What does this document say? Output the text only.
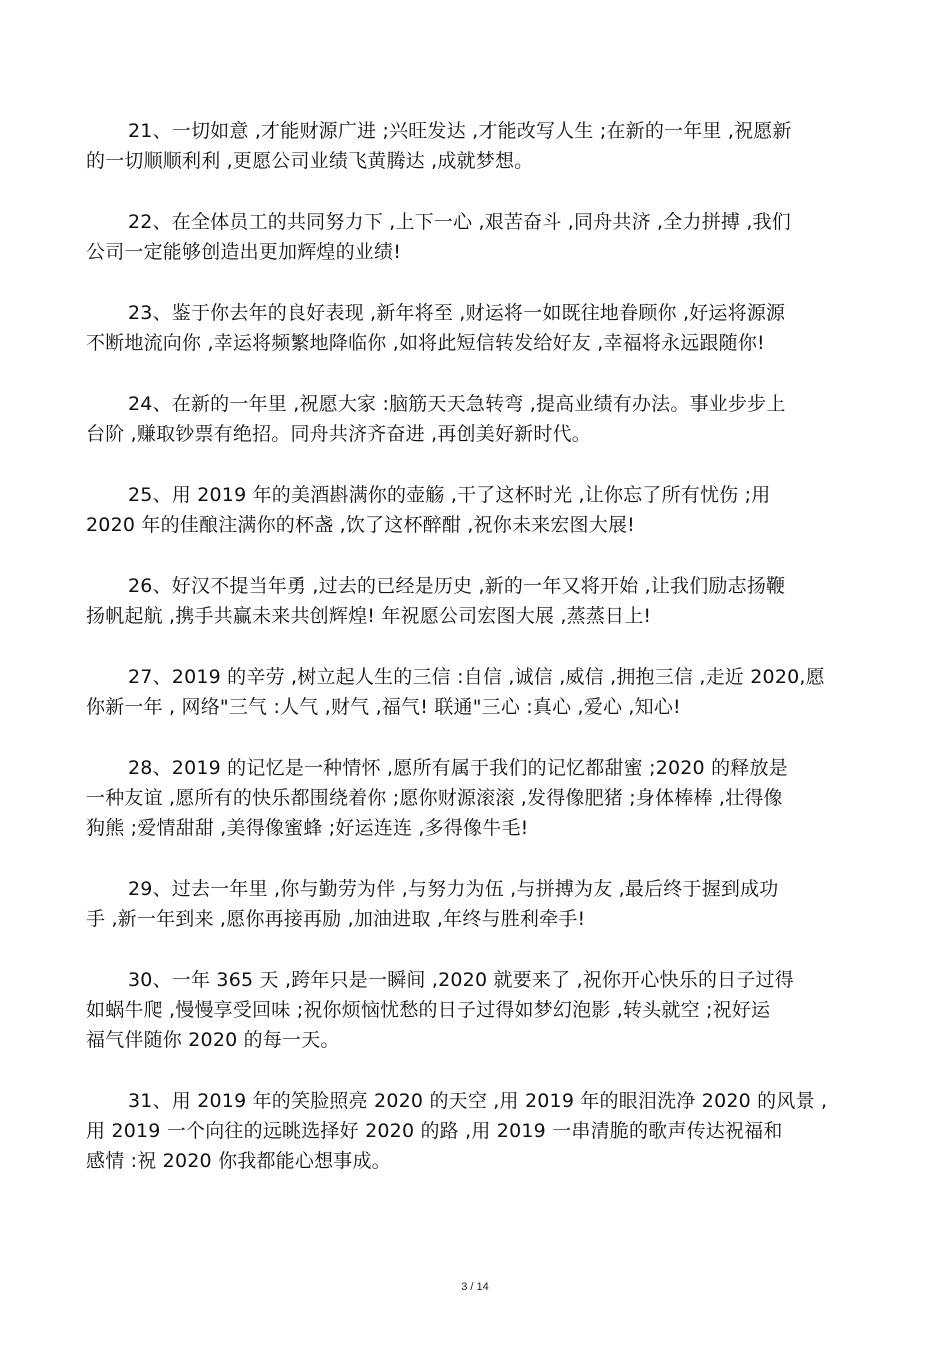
21、一切如意 ,才能财源广进 ;兴旺发达 ,才能改写人生 ;在新的一年里 ,祝愿新
的一切顺顺利利 ,更愿公司业绩飞黄腾达 ,成就梦想。
22、在全体员工的共同努力下 ,上下一心 ,艰苦奋斗 ,同舟共济 ,全力拼搏 ,我们
公司一定能够创造出更加辉煌的业绩!
23、鉴于你去年的良好表现 ,新年将至 ,财运将一如既往地眷顾你 ,好运将源源
不断地流向你 ,幸运将频繁地降临你 ,如将此短信转发给好友 ,幸福将永远跟随你!
24、在新的一年里 ,祝愿大家 :脑筋天天急转弯 ,提高业绩有办法。事业步步上
台阶 ,赚取钞票有绝招。同舟共济齐奋进 ,再创美好新时代。
25、用 2019 年的美酒斟满你的壶觞 ,干了这杯时光 ,让你忘了所有忧伤 ;用
2020 年的佳酿注满你的杯盏 ,饮了这杯醉酣 ,祝你未来宏图大展!
26、好汉不提当年勇 ,过去的已经是历史 ,新的一年又将开始 ,让我们励志扬鞭
扬帆起航 ,携手共赢未来共创辉煌! 年祝愿公司宏图大展 ,蒸蒸日上!
27、2019 的辛劳 ,树立起人生的三信 :自信 ,诚信 ,威信 ,拥抱三信 ,走近 2020,愿
你新一年 , 网络"三气 :人气 ,财气 ,福气! 联通"三心 :真心 ,爱心 ,知心!
28、2019 的记忆是一种情怀 ,愿所有属于我们的记忆都甜蜜 ;2020 的释放是
一种友谊 ,愿所有的快乐都围绕着你 ;愿你财源滚滚 ,发得像肥猪 ;身体棒棒 ,壮得像
狗熊 ;爱情甜甜 ,美得像蜜蜂 ;好运连连 ,多得像牛毛!
29、过去一年里 ,你与勤劳为伴 ,与努力为伍 ,与拼搏为友 ,最后终于握到成功
手 ,新一年到来 ,愿你再接再励 ,加油进取 ,年终与胜利牵手!
30、一年 365 天 ,跨年只是一瞬间 ,2020 就要来了 ,祝你开心快乐的日子过得
如蜗牛爬 ,慢慢享受回味 ;祝你烦恼忧愁的日子过得如梦幻泡影 ,转头就空 ;祝好运
福气伴随你 2020 的每一天。
31、用 2019 年的笑脸照亮 2020 的天空 ,用 2019 年的眼泪洗净 2020 的风景 ,
用 2019 一个向往的远眺选择好 2020 的路 ,用 2019 一串清脆的歌声传达祝福和
感情 :祝 2020 你我都能心想事成。
3 / 14
